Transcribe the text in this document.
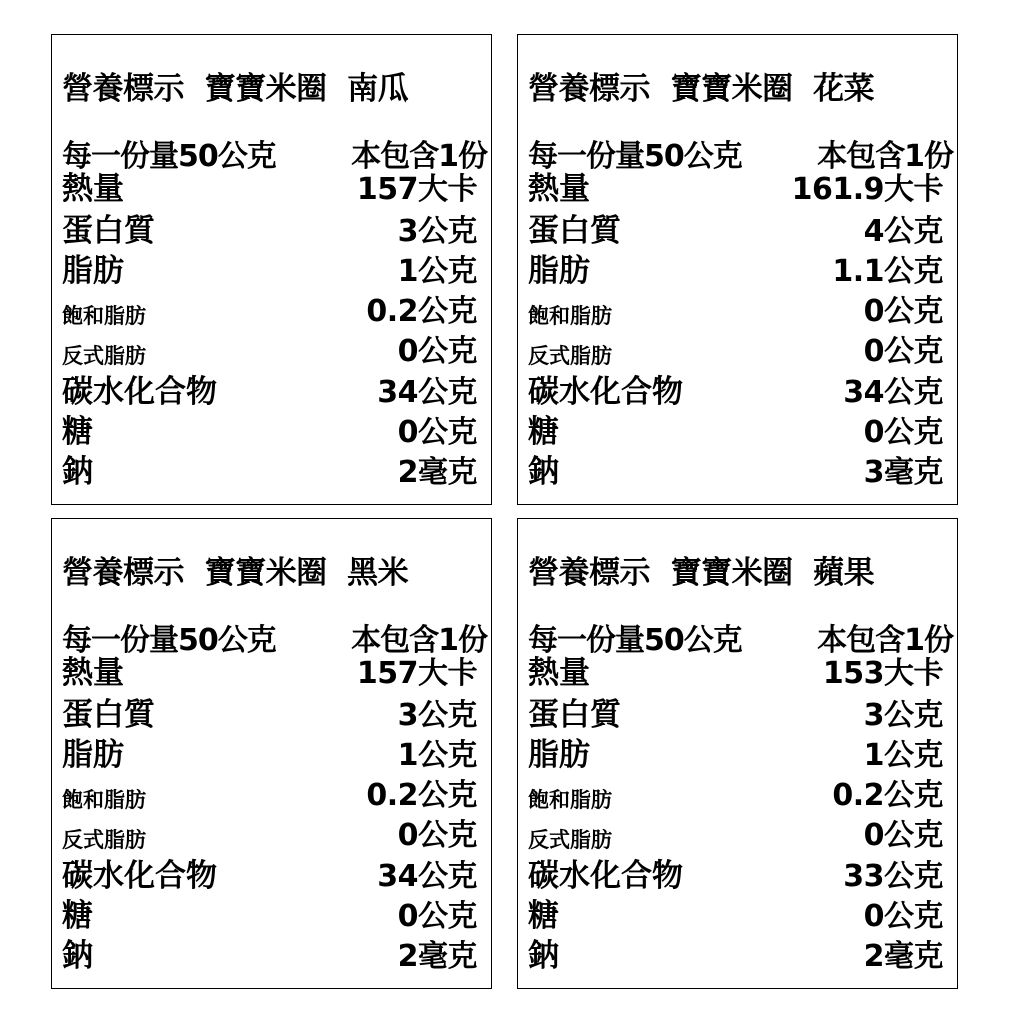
營養標示  寶寶米圈  南瓜
每一份量50公克	本包含1份
熱量	157大卡
蛋白質	3公克
脂肪	1公克
飽和脂肪	0.2公克
反式脂肪	0公克
碳水化合物	34公克
糖	0公克
鈉	2毫克
營養標示  寶寶米圈  花菜
每一份量50公克	本包含1份
熱量	161.9大卡
蛋白質	4公克
脂肪	1.1公克
飽和脂肪	0公克
反式脂肪	0公克
碳水化合物	34公克
糖	0公克
鈉	3毫克
營養標示  寶寶米圈  黑米
每一份量50公克	本包含1份
熱量	157大卡
蛋白質	3公克
脂肪	1公克
飽和脂肪	0.2公克
反式脂肪	0公克
碳水化合物	34公克
糖	0公克
鈉	2毫克
營養標示  寶寶米圈  蘋果
每一份量50公克	本包含1份
熱量	153大卡
蛋白質	3公克
脂肪	1公克
飽和脂肪	0.2公克
反式脂肪	0公克
碳水化合物	33公克
糖	0公克
鈉	2毫克
